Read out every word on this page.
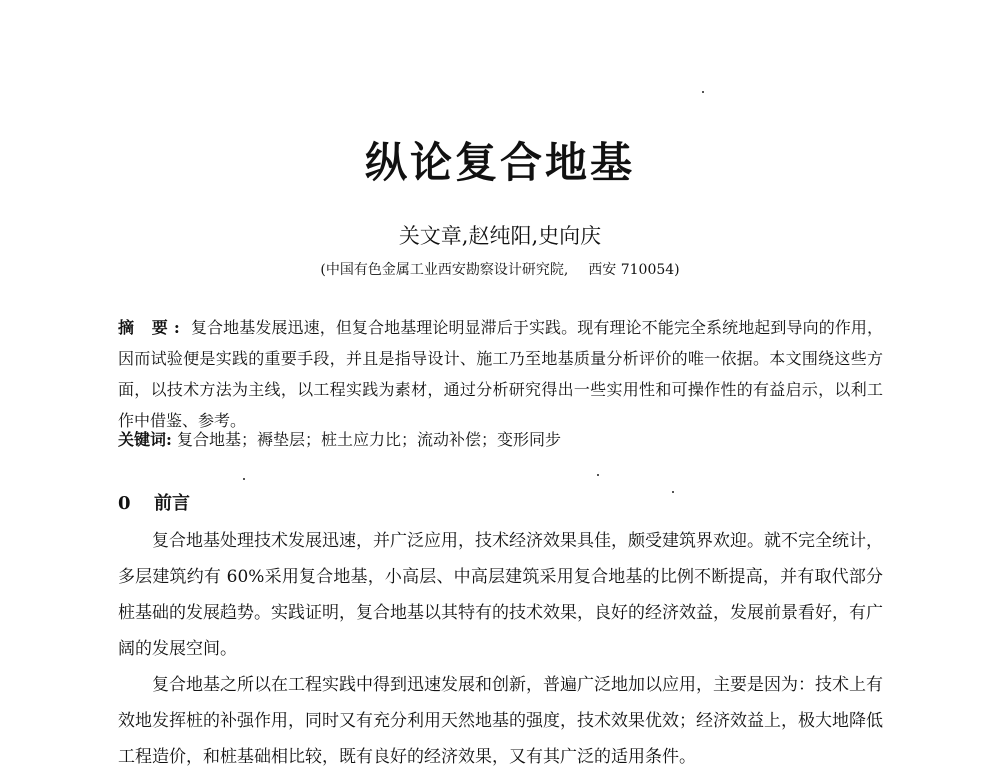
纵论复合地基
关文章,赵纯阳,史向庆
(中国有色金属工业西安勘察设计研究院, 西安 710054)
摘 要: 复合地基发展迅速，但复合地基理论明显滞后于实践。现有理论不能完全系统地起到导向的作用，因而试验便是实践的重要手段，并且是指导设计、施工乃至地基质量分析评价的唯一依据。本文围绕这些方面，以技术方法为主线，以工程实践为素材，通过分析研究得出一些实用性和可操作性的有益启示，以利工作中借鉴、参考。
关键词: 复合地基；褥垫层；桩土应力比；流动补偿；变形同步
0 前言

复合地基处理技术发展迅速，并广泛应用，技术经济效果具佳，颇受建筑界欢迎。就不完全统计，多层建筑约有 60%采用复合地基，小高层、中高层建筑采用复合地基的比例不断提高，并有取代部分桩基础的发展趋势。实践证明，复合地基以其特有的技术效果，良好的经济效益，发展前景看好，有广阔的发展空间。

复合地基之所以在工程实践中得到迅速发展和创新，普遍广泛地加以应用，主要是因为：技术上有效地发挥桩的补强作用，同时又有充分利用天然地基的强度，技术效果优效；经济效益上，极大地降低工程造价，和桩基础相比较，既有良好的经济效果，又有其广泛的适用条件。
